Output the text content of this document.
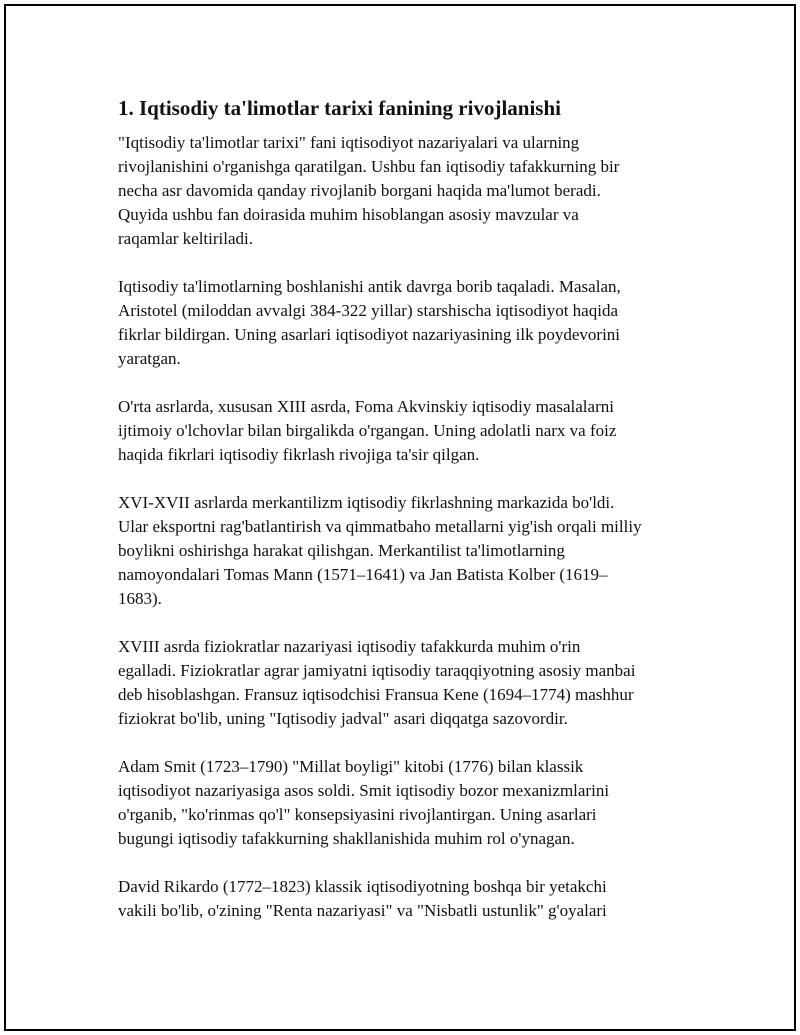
1. Iqtisodiy ta'limotlar tarixi fanining rivojlanishi

"Iqtisodiy ta'limotlar tarixi" fani iqtisodiyot nazariyalari va ularning
rivojlanishini o'rganishga qaratilgan. Ushbu fan iqtisodiy tafakkurning bir
necha asr davomida qanday rivojlanib borgani haqida ma'lumot beradi.
Quyida ushbu fan doirasida muhim hisoblangan asosiy mavzular va
raqamlar keltiriladi.

Iqtisodiy ta'limotlarning boshlanishi antik davrga borib taqaladi. Masalan,
Aristotel (miloddan avvalgi 384-322 yillar) starshischa iqtisodiyot haqida
fikrlar bildirgan. Uning asarlari iqtisodiyot nazariyasining ilk poydevorini
yaratgan.

O'rta asrlarda, xususan XIII asrda, Foma Akvinskiy iqtisodiy masalalarni
ijtimoiy o'lchovlar bilan birgalikda o'rgangan. Uning adolatli narx va foiz
haqida fikrlari iqtisodiy fikrlash rivojiga ta'sir qilgan.

XVI-XVII asrlarda merkantilizm iqtisodiy fikrlashning markazida bo'ldi.
Ular eksportni rag'batlantirish va qimmatbaho metallarni yig'ish orqali milliy
boylikni oshirishga harakat qilishgan. Merkantilist ta'limotlarning
namoyondalari Tomas Mann (1571–1641) va Jan Batista Kolber (1619–
1683).

XVIII asrda fiziokratlar nazariyasi iqtisodiy tafakkurda muhim o'rin
egalladi. Fiziokratlar agrar jamiyatni iqtisodiy taraqqiyotning asosiy manbai
deb hisoblashgan. Fransuz iqtisodchisi Fransua Kene (1694–1774) mashhur
fiziokrat bo'lib, uning "Iqtisodiy jadval" asari diqqatga sazovordir.

Adam Smit (1723–1790) "Millat boyligi" kitobi (1776) bilan klassik
iqtisodiyot nazariyasiga asos soldi. Smit iqtisodiy bozor mexanizmlarini
o'rganib, "ko'rinmas qo'l" konsepsiyasini rivojlantirgan. Uning asarlari
bugungi iqtisodiy tafakkurning shakllanishida muhim rol o'ynagan.

David Rikardo (1772–1823) klassik iqtisodiyotning boshqa bir yetakchi
vakili bo'lib, o'zining "Renta nazariyasi" va "Nisbatli ustunlik" g'oyalari
